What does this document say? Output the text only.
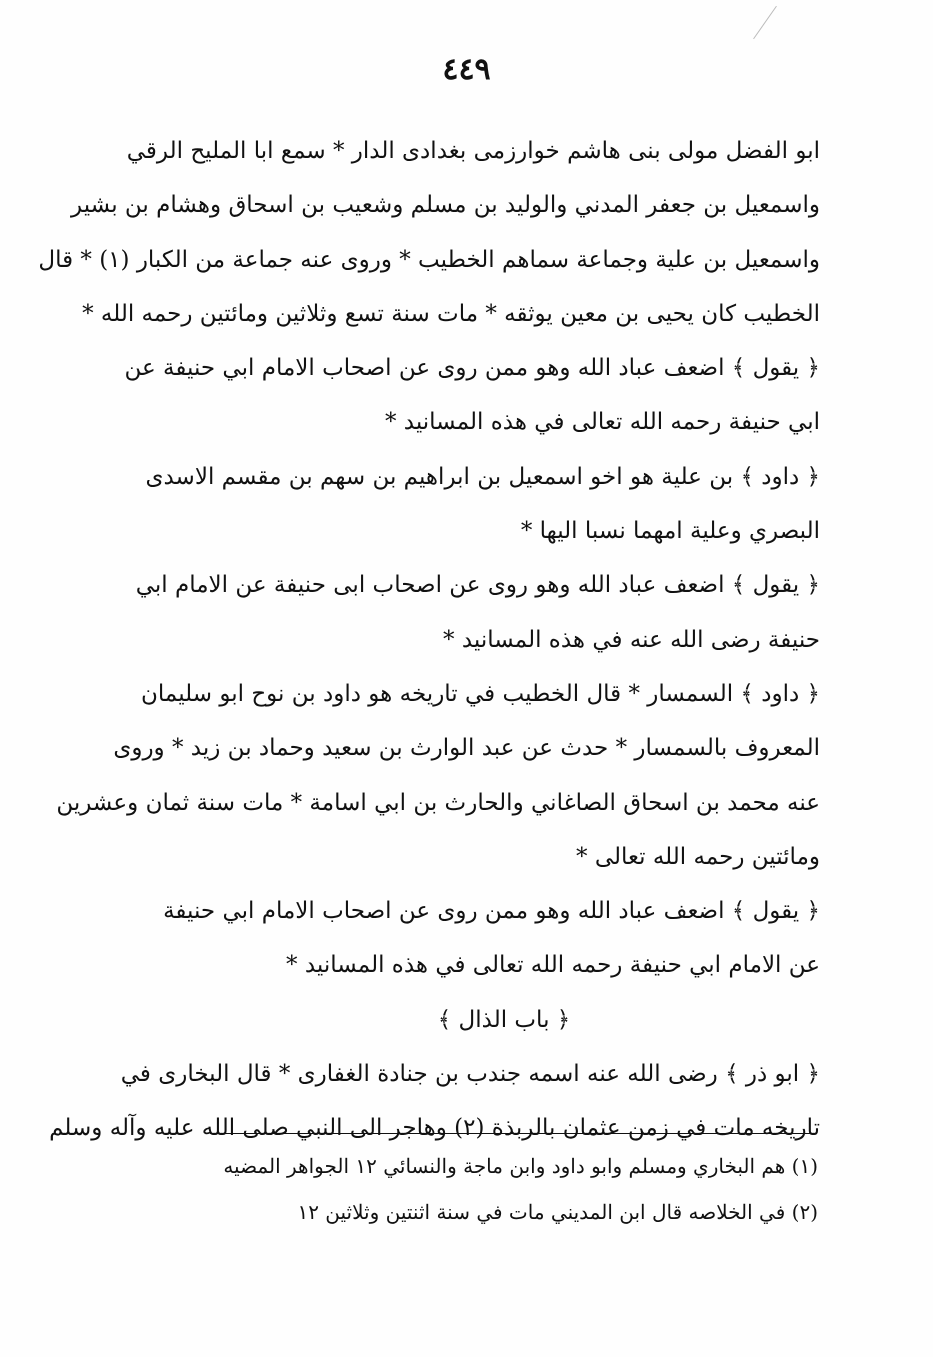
٤٤٩
ابو الفضل مولى بنى هاشم خوارزمى بغدادى الدار * سمع ابا المليح الرقي
واسمعيل بن جعفر المدني والوليد بن مسلم وشعيب بن اسحاق وهشام بن بشير
واسمعيل بن علية وجماعة سماهم الخطيب * وروى عنه جماعة من الكبار (١) * قال
الخطيب كان يحيى بن معين يوثقه * مات سنة تسع وثلاثين ومائتين رحمه الله *
﴿ يقول ﴾ اضعف عباد الله وهو ممن روى عن اصحاب الامام ابي حنيفة عن
ابي حنيفة رحمه الله تعالى في هذه المسانيد *
﴿ داود ﴾ بن علية هو اخو اسمعيل بن ابراهيم بن سهم بن مقسم الاسدى
البصري وعلية امهما نسبا اليها *
﴿ يقول ﴾ اضعف عباد الله وهو روى عن اصحاب ابى حنيفة عن الامام ابي
حنيفة رضى الله عنه في هذه المسانيد *
﴿ داود ﴾ السمسار * قال الخطيب في تاريخه هو داود بن نوح ابو سليمان
المعروف بالسمسار * حدث عن عبد الوارث بن سعيد وحماد بن زيد * وروى
عنه محمد بن اسحاق الصاغاني والحارث بن ابي اسامة * مات سنة ثمان وعشرين
ومائتين رحمه الله تعالى *
﴿ يقول ﴾ اضعف عباد الله وهو ممن روى عن اصحاب الامام ابي حنيفة
عن الامام ابي حنيفة رحمه الله تعالى في هذه المسانيد *
﴿ باب الذال ﴾
﴿ ابو ذر ﴾ رضى الله عنه اسمه جندب بن جنادة الغفارى * قال البخارى في
تاريخه مات في زمن عثمان بالربذة (٢) وهاجر الى النبي صلى الله عليه وآله وسلم
(١) هم البخاري ومسلم وابو داود وابن ماجة والنسائي ١٢ الجواهر المضيه
(٢) في الخلاصه قال ابن المديني مات في سنة اثنتين وثلاثين ١٢
